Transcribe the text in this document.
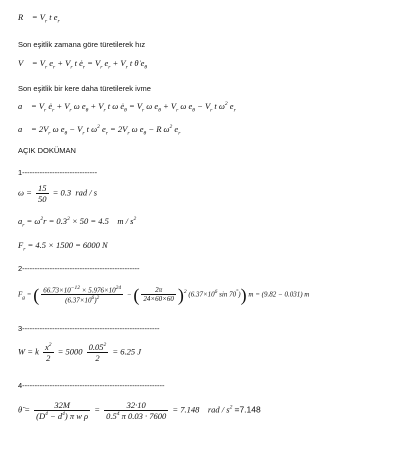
R⃗ = $V_r$ t $e_r$
Son eşitlik zamana göre türetilerek hız
V⃗ = $V_r$ $e_r + V_r$ t $ė_r = V_r$ $e_r + V_r$ t θ̇ $e_\theta$
Son eşitlik bir kere daha türetilerek ivme
a⃗ = $V_r$ $ė_r + V_r$ ω $e_\theta + V_r$ t ω $ė_\theta = V_r$ ω $e_\theta + V_r$ ω $e_\theta - V_r$ t $\omega^2$ $e_r$
a⃗ = $2V_r$ ω $e_\theta - V_r$ t $\omega^2$ $e_r = 2V_r$ ω $e_\theta - R$ $\omega^2$ $e_r$
AÇIK DOKÜMAN
1------------------------------
$\omega = \frac{15}{50} = 0.3$  rad / s
$a_r = \omega^2r = 0.3^2 \times 50 = 4.5$    m / $s^2$
$F_r = 4.5 \times 1500 = 6000$ N
2-----------------------------------------------
$F_g$ = ( $\frac{66.73\times 10^{-12} \times 5.976\times 10^{24}}{(6.37\times 10^6)^2}$ − ( $\frac{2\pi}{24\times 60\times 60} )^2$ ($6.37\times 10^6$ sin 70°)) m = (9.82 − 0.031) m
3-------------------------------------------------------
W = k $\frac{x^2}{2} = 5000 \frac{0.05^2}{2} = 6.25$ J
4---------------------------------------------------------
θ̈ = $\frac{32M}{(D^4 - d^4) \pi w \rho} = \frac{32\cdot 10}{0.5^4 \pi 0.03 \cdot 7600} = 7.148$    rad / $s^2 =7.148$
